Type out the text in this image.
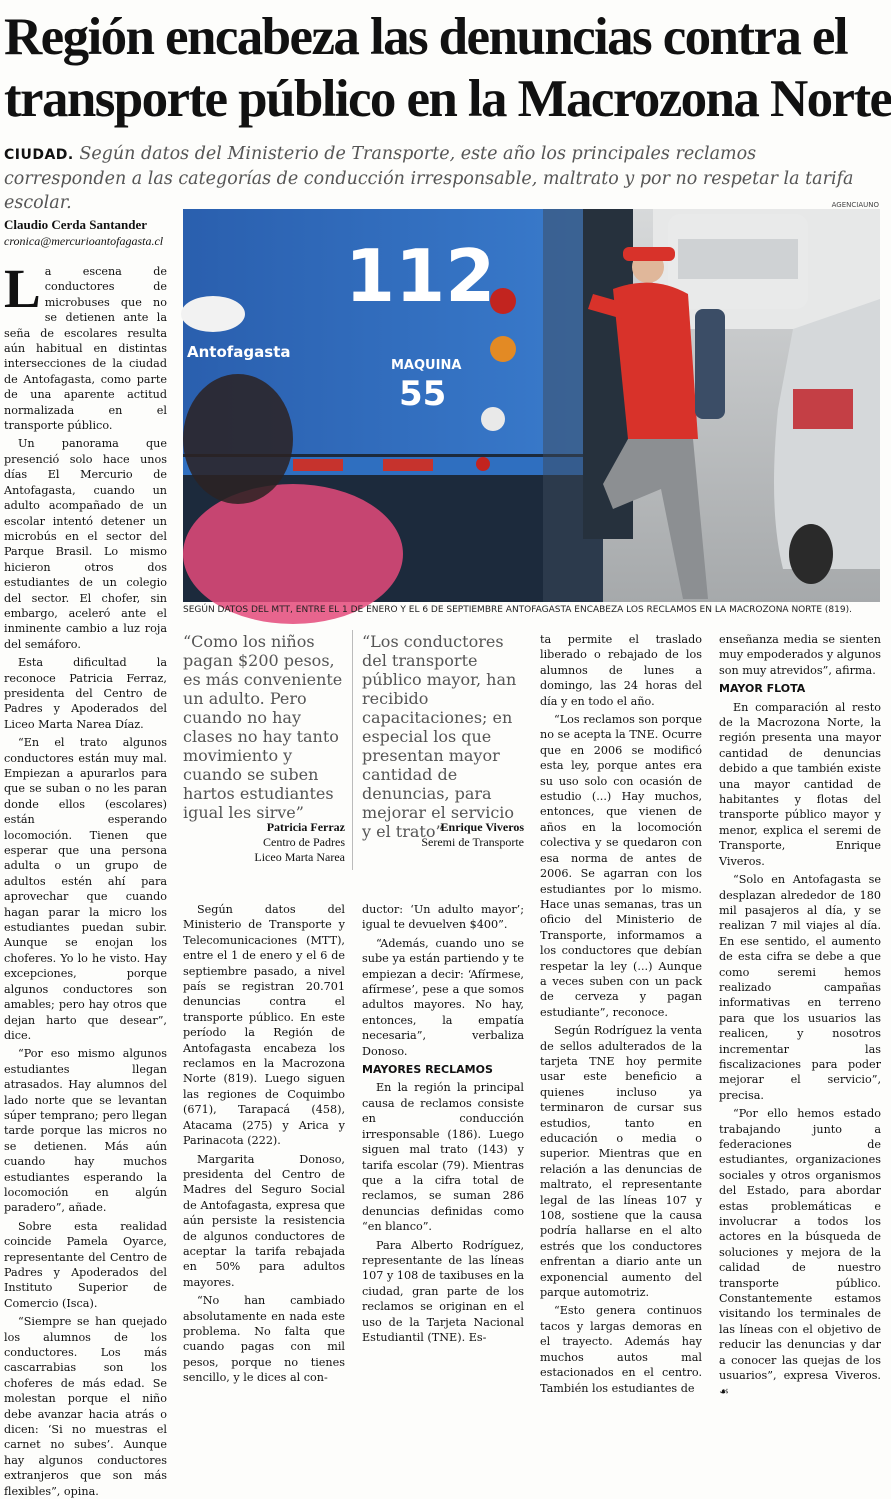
Región encabeza las denuncias contra el
transporte público en la Macrozona Norte

CIUDAD. Según datos del Ministerio de Transporte, este año los principales reclamos corresponden a las categorías de conducción irresponsable, maltrato y por no respetar la tarifa escolar.

Claudio Cerda Santander
cronica@mercurioantofagasta.cl
AGENCIAUNO
112
Antofagasta
MAQUINA
55
SEGÚN DATOS DEL MTT, ENTRE EL 1 DE ENERO Y EL 6 DE SEPTIEMBRE ANTOFAGASTA ENCABEZA LOS RECLAMOS EN LA MACROZONA NORTE (819).

La escena de conductores de microbuses que no se detienen ante la seña de escolares resulta aún habitual en distintas intersecciones de la ciudad de Antofagasta, como parte de una aparente actitud normalizada en el transporte público.

Un panorama que presenció solo hace unos días El Mercurio de Antofagasta, cuando un adulto acompañado de un escolar intentó detener un microbús en el sector del Parque Brasil. Lo mismo hicieron otros dos estudiantes de un colegio del sector. El chofer, sin embargo, aceleró ante el inminente cambio a luz roja del semáforo.

Esta dificultad la reconoce Patricia Ferraz, presidenta del Centro de Padres y Apoderados del Liceo Marta Narea Díaz.

“En el trato algunos conductores están muy mal. Empiezan a apurarlos para que se suban o no les paran donde ellos (escolares) están esperando locomoción. Tienen que esperar que una persona adulta o un grupo de adultos estén ahí para aprovechar que cuando hagan parar la micro los estudiantes puedan subir. Aunque se enojan los choferes. Yo lo he visto. Hay excepciones, porque algunos conductores son amables; pero hay otros que dejan harto que desear”, dice.

“Por eso mismo algunos estudiantes llegan atrasados. Hay alumnos del lado norte que se levantan súper temprano; pero llegan tarde porque las micros no se detienen. Más aún cuando hay muchos estudiantes esperando la locomoción en algún paradero”, añade.

Sobre esta realidad coincide Pamela Oyarce, representante del Centro de Padres y Apoderados del Instituto Superior de Comercio (Isca).

“Siempre se han quejado los alumnos de los conductores. Los más cascarrabias son los choferes de más edad. Se molestan porque el niño debe avanzar hacia atrás o dicen: ‘Si no muestras el carnet no subes’. Aunque hay algunos conductores extranjeros que son más flexibles”, opina.

“Como los niños pagan $200 pesos, es más conveniente un adulto. Pero cuando no hay clases no hay tanto movimiento y cuando se suben hartos estudiantes igual les sirve”
Patricia Ferraz
Centro de Padres
Liceo Marta Narea
“Los conductores del transporte público mayor, han recibido capacitaciones; en especial los que presentan mayor cantidad de denuncias, para mejorar el servicio y el trato”
Enrique Viveros
Seremi de Transporte

Según datos del Ministerio de Transporte y Telecomunicaciones (MTT), entre el 1 de enero y el 6 de septiembre pasado, a nivel país se registran 20.701 denuncias contra el transporte público. En este período la Región de Antofagasta encabeza los reclamos en la Macrozona Norte (819). Luego siguen las regiones de Coquimbo (671), Tarapacá (458), Atacama (275) y Arica y Parinacota (222).

Margarita Donoso, presidenta del Centro de Madres del Seguro Social de Antofagasta, expresa que aún persiste la resistencia de algunos conductores de aceptar la tarifa rebajada en 50% para adultos mayores.

“No han cambiado absolutamente en nada este problema. No falta que cuando pagas con mil pesos, porque no tienes sencillo, y le dices al con-

ductor: ‘Un adulto mayor’; igual te devuelven $400”.

“Además, cuando uno se sube ya están partiendo y te empiezan a decir: ‘Afírmese, afírmese’, pese a que somos adultos mayores. No hay, entonces, la empatía necesaria”, verbaliza Donoso.

MAYORES RECLAMOS

En la región la principal causa de reclamos consiste en conducción irresponsable (186). Luego siguen mal trato (143) y tarifa escolar (79). Mientras que a la cifra total de reclamos, se suman 286 denuncias definidas como “en blanco”.

Para Alberto Rodríguez, representante de las líneas 107 y 108 de taxibuses en la ciudad, gran parte de los reclamos se originan en el uso de la Tarjeta Nacional Estudiantil (TNE). Es-

ta permite el traslado liberado o rebajado de los alumnos de lunes a domingo, las 24 horas del día y en todo el año.

“Los reclamos son porque no se acepta la TNE. Ocurre que en 2006 se modificó esta ley, porque antes era su uso solo con ocasión de estudio (...) Hay muchos, entonces, que vienen de años en la locomoción colectiva y se quedaron con esa norma de antes de 2006. Se agarran con los estudiantes por lo mismo. Hace unas semanas, tras un oficio del Ministerio de Transporte, informamos a los conductores que debían respetar la ley (...) Aunque a veces suben con un pack de cerveza y pagan estudiante”, reconoce.

Según Rodríguez la venta de sellos adulterados de la tarjeta TNE hoy permite usar este beneficio a quienes incluso ya terminaron de cursar sus estudios, tanto en educación o media o superior. Mientras que en relación a las denuncias de maltrato, el representante legal de las líneas 107 y 108, sostiene que la causa podría hallarse en el alto estrés que los conductores enfrentan a diario ante un exponencial aumento del parque automotriz.

“Esto genera continuos tacos y largas demoras en el trayecto. Además hay muchos autos mal estacionados en el centro. También los estudiantes de

enseñanza media se sienten muy empoderados y algunos son muy atrevidos”, afirma.

MAYOR FLOTA

En comparación al resto de la Macrozona Norte, la región presenta una mayor cantidad de denuncias debido a que también existe una mayor cantidad de habitantes y flotas del transporte público mayor y menor, explica el seremi de Transporte, Enrique Viveros.

“Solo en Antofagasta se desplazan alrededor de 180 mil pasajeros al día, y se realizan 7 mil viajes al día. En ese sentido, el aumento de esta cifra se debe a que como seremi hemos realizado campañas informativas en terreno para que los usuarios las realicen, y nosotros incrementar las fiscalizaciones para poder mejorar el servicio”, precisa.

“Por ello hemos estado trabajando junto a federaciones de estudiantes, organizaciones sociales y otros organismos del Estado, para abordar estas problemáticas e involucrar a todos los actores en la búsqueda de soluciones y mejora de la calidad de nuestro transporte público. Constantemente estamos visitando los terminales de las líneas con el objetivo de reducir las denuncias y dar a conocer las quejas de los usuarios”, expresa Viveros. ☙
